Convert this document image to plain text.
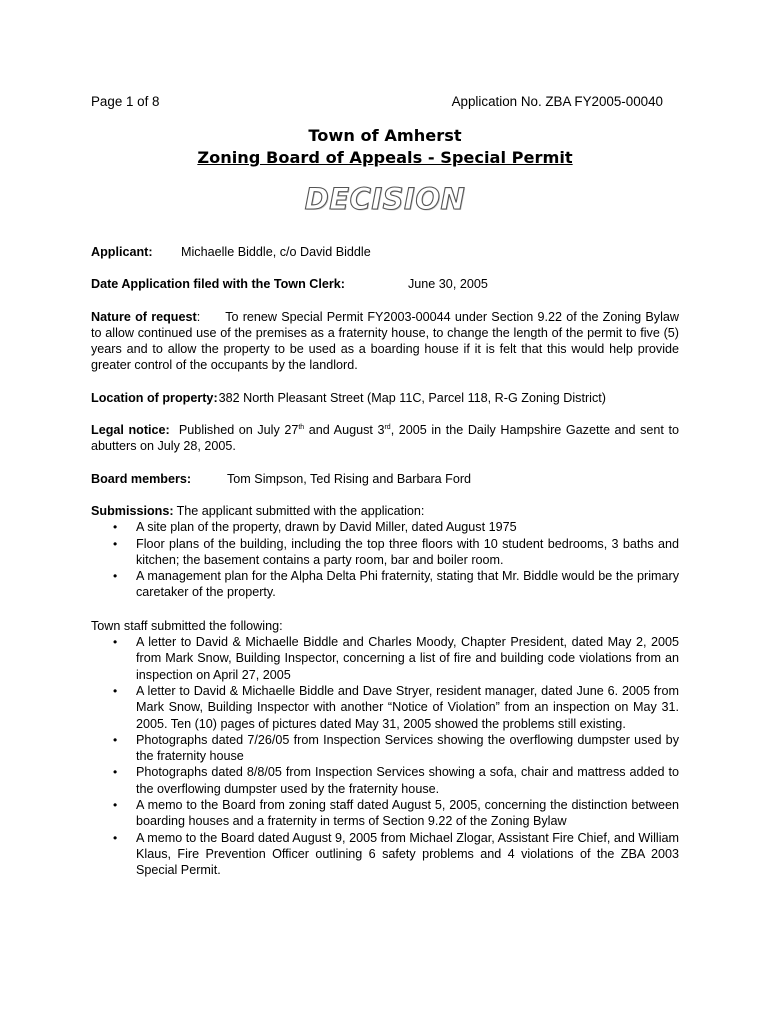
Page 1 of 8	Application No. ZBA FY2005-00040
Town of Amherst
Zoning Board of Appeals - Special Permit
DECISION
Applicant:	Michaelle Biddle, c/o David Biddle
Date Application filed with the Town Clerk:	June 30, 2005

Nature of request: To renew Special Permit FY2003-00044 under Section 9.22 of the Zoning Bylaw to allow continued use of the premises as a fraternity house, to change the length of the permit to five (5) years and to allow the property to be used as a boarding house if it is felt that this would help provide greater control of the occupants by the landlord.

Location of property:382 North Pleasant Street (Map 11C, Parcel 118, R-G Zoning District)

Legal notice: Published on July 27th and August 3rd, 2005 in the Daily Hampshire Gazette and sent to abutters on July 28, 2005.

Board members:	Tom Simpson, Ted Rising and Barbara Ford

Submissions: The applicant submitted with the application:

• A site plan of the property, drawn by David Miller, dated August 1975
• Floor plans of the building, including the top three floors with 10 student bedrooms, 3 baths and kitchen; the basement contains a party room, bar and boiler room.
• A management plan for the Alpha Delta Phi fraternity, stating that Mr. Biddle would be the primary caretaker of the property.

Town staff submitted the following:

• A letter to David & Michaelle Biddle and Charles Moody, Chapter President, dated May 2, 2005 from Mark Snow, Building Inspector, concerning a list of fire and building code violations from an inspection on April 27, 2005
• A letter to David & Michaelle Biddle and Dave Stryer, resident manager, dated June 6. 2005 from Mark Snow, Building Inspector with another “Notice of Violation” from an inspection on May 31. 2005. Ten (10) pages of pictures dated May 31, 2005 showed the problems still existing.
• Photographs dated 7/26/05 from Inspection Services showing the overflowing dumpster used by the fraternity house
• Photographs dated 8/8/05 from Inspection Services showing a sofa, chair and mattress added to the overflowing dumpster used by the fraternity house.
• A memo to the Board from zoning staff dated August 5, 2005, concerning the distinction between boarding houses and a fraternity in terms of Section 9.22 of the Zoning Bylaw
• A memo to the Board dated August 9, 2005 from Michael Zlogar, Assistant Fire Chief, and William Klaus, Fire Prevention Officer outlining 6 safety problems and 4 violations of the ZBA 2003 Special Permit.
